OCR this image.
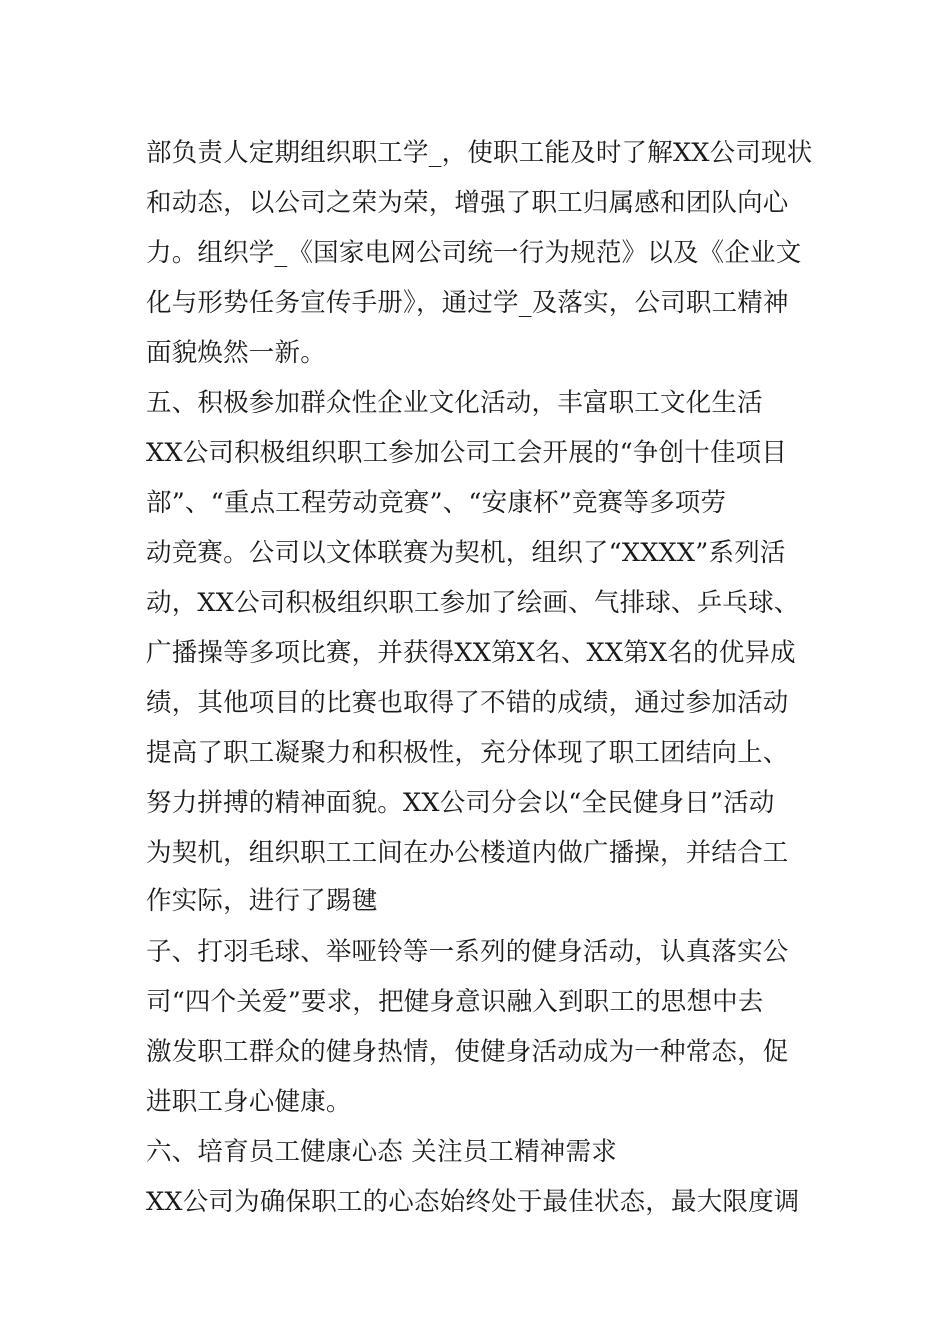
部负责人定期组织职工学_，使职工能及时了解XX公司现状
和动态，以公司之荣为荣，增强了职工归属感和团队向心
力。组织学_《国家电网公司统一行为规范》以及《企业文
化与形势任务宣传手册》，通过学_及落实，公司职工精神
面貌焕然一新。
五、积极参加群众性企业文化活动，丰富职工文化生活
XX公司积极组织职工参加公司工会开展的“争创十佳项目
部”、“重点工程劳动竞赛”、“安康杯”竞赛等多项劳
动竞赛。公司以文体联赛为契机，组织了“XXXX”系列活
动，XX公司积极组织职工参加了绘画、气排球、乒乓球、
广播操等多项比赛，并获得XX第X名、XX第X名的优异成
绩，其他项目的比赛也取得了不错的成绩，通过参加活动
提高了职工凝聚力和积极性，充分体现了职工团结向上、
努力拼搏的精神面貌。XX公司分会以“全民健身日”活动
为契机，组织职工工间在办公楼道内做广播操，并结合工
作实际，进行了踢毽
子、打羽毛球、举哑铃等一系列的健身活动，认真落实公
司“四个关爱”要求，把健身意识融入到职工的思想中去
激发职工群众的健身热情，使健身活动成为一种常态，促
进职工身心健康。
六、培育员工健康心态 关注员工精神需求
XX公司为确保职工的心态始终处于最佳状态，最大限度调
